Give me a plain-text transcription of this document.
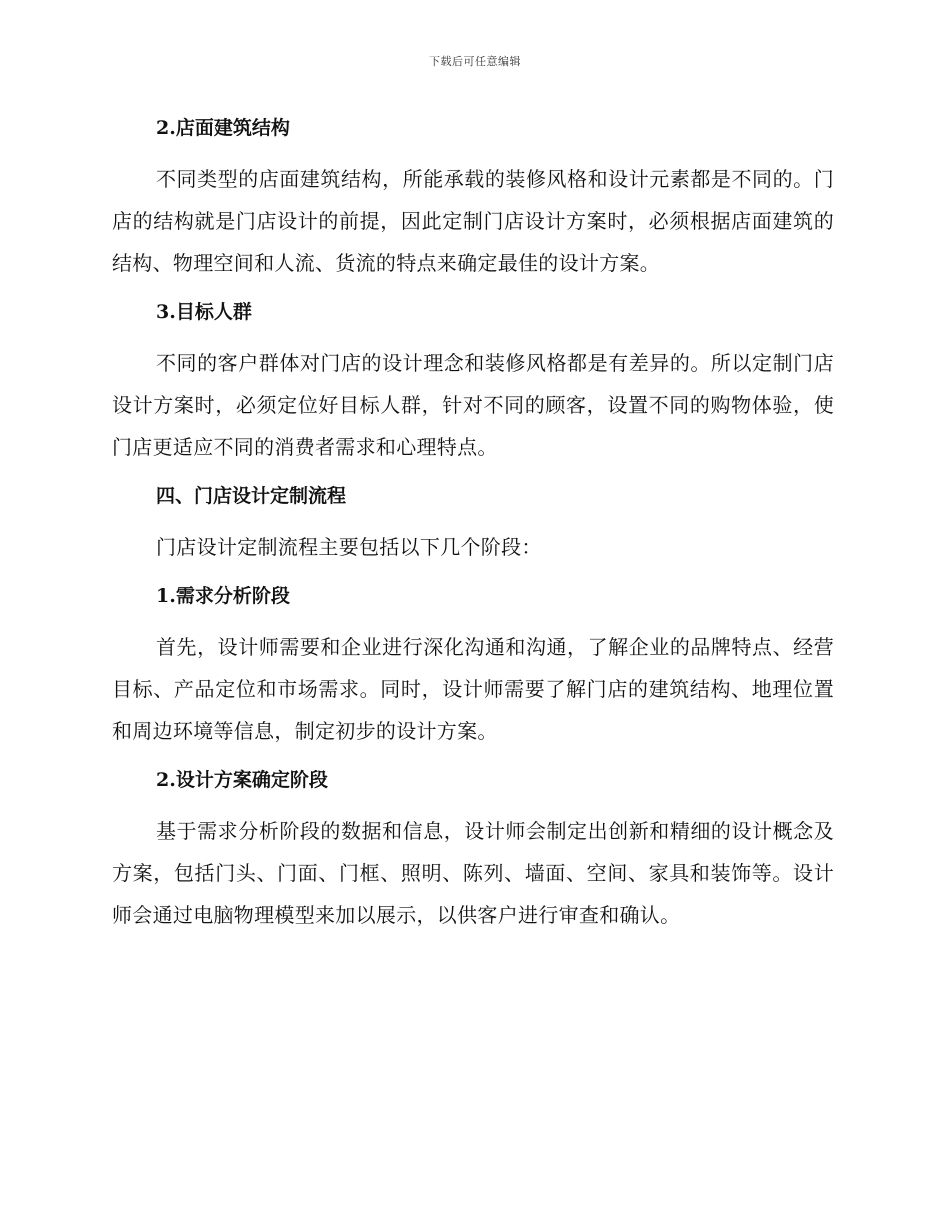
下载后可任意编辑
2.店面建筑结构

不同类型的店面建筑结构，所能承载的装修风格和设计元素都是不同的。门店的结构就是门店设计的前提，因此定制门店设计方案时，必须根据店面建筑的结构、物理空间和人流、货流的特点来确定最佳的设计方案。

3.目标人群

不同的客户群体对门店的设计理念和装修风格都是有差异的。所以定制门店设计方案时，必须定位好目标人群，针对不同的顾客，设置不同的购物体验，使门店更适应不同的消费者需求和心理特点。

四、门店设计定制流程

门店设计定制流程主要包括以下几个阶段：

1.需求分析阶段

首先，设计师需要和企业进行深化沟通和沟通，了解企业的品牌特点、经营目标、产品定位和市场需求。同时，设计师需要了解门店的建筑结构、地理位置和周边环境等信息，制定初步的设计方案。

2.设计方案确定阶段

基于需求分析阶段的数据和信息，设计师会制定出创新和精细的设计概念及方案，包括门头、门面、门框、照明、陈列、墙面、空间、家具和装饰等。设计师会通过电脑物理模型来加以展示，以供客户进行审查和确认。
